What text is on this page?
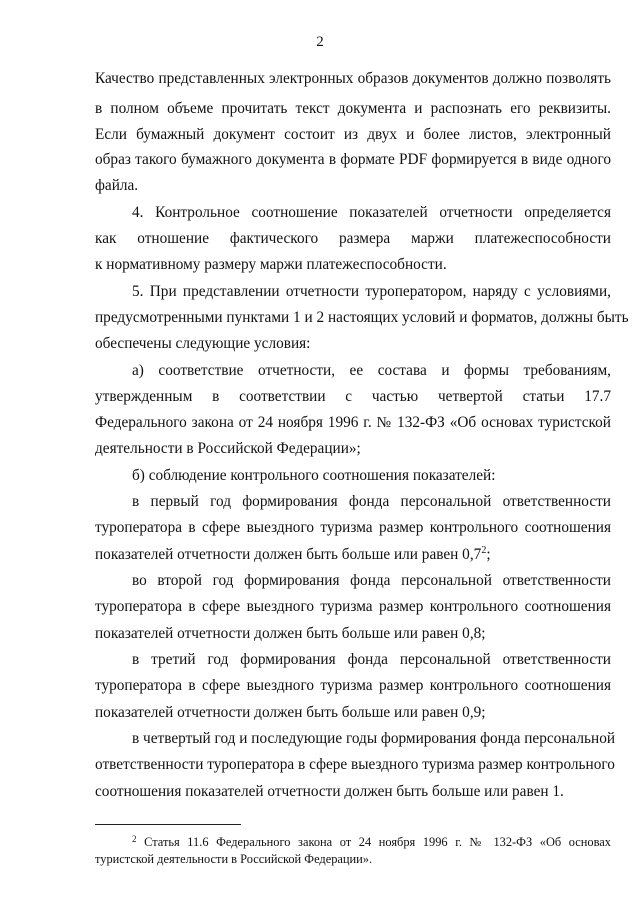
2
Качество представленных электронных образов документов должно позволять
в полном объеме прочитать текст документа и распознать его реквизиты.
Если бумажный документ состоит из двух и более листов, электронный
образ такого бумажного документа в формате PDF формируется в виде одного
файла.
4. Контрольное соотношение показателей отчетности определяется
как отношение фактического размера маржи платежеспособности
к нормативному размеру маржи платежеспособности.
5. При представлении отчетности туроператором, наряду с условиями,
предусмотренными пунктами 1 и 2 настоящих условий и форматов, должны быть
обеспечены следующие условия:
а) соответствие отчетности, ее состава и формы требованиям,
утвержденным в соответствии с частью четвертой статьи 17.7
Федерального закона от 24 ноября 1996 г. № 132-ФЗ «Об основах туристской
деятельности в Российской Федерации»;
б) соблюдение контрольного соотношения показателей:
в первый год формирования фонда персональной ответственности
туроператора в сфере выездного туризма размер контрольного соотношения
показателей отчетности должен быть больше или равен $0,7^2$;
во второй год формирования фонда персональной ответственности
туроператора в сфере выездного туризма размер контрольного соотношения
показателей отчетности должен быть больше или равен 0,8;
в третий год формирования фонда персональной ответственности
туроператора в сфере выездного туризма размер контрольного соотношения
показателей отчетности должен быть больше или равен 0,9;
в четвертый год и последующие годы формирования фонда персональной
ответственности туроператора в сфере выездного туризма размер контрольного
соотношения показателей отчетности должен быть больше или равен 1.
$^2$ Статья 11.6 Федерального закона от 24 ноября 1996 г. № 132-ФЗ «Об основах
туристской деятельности в Российской Федерации».
